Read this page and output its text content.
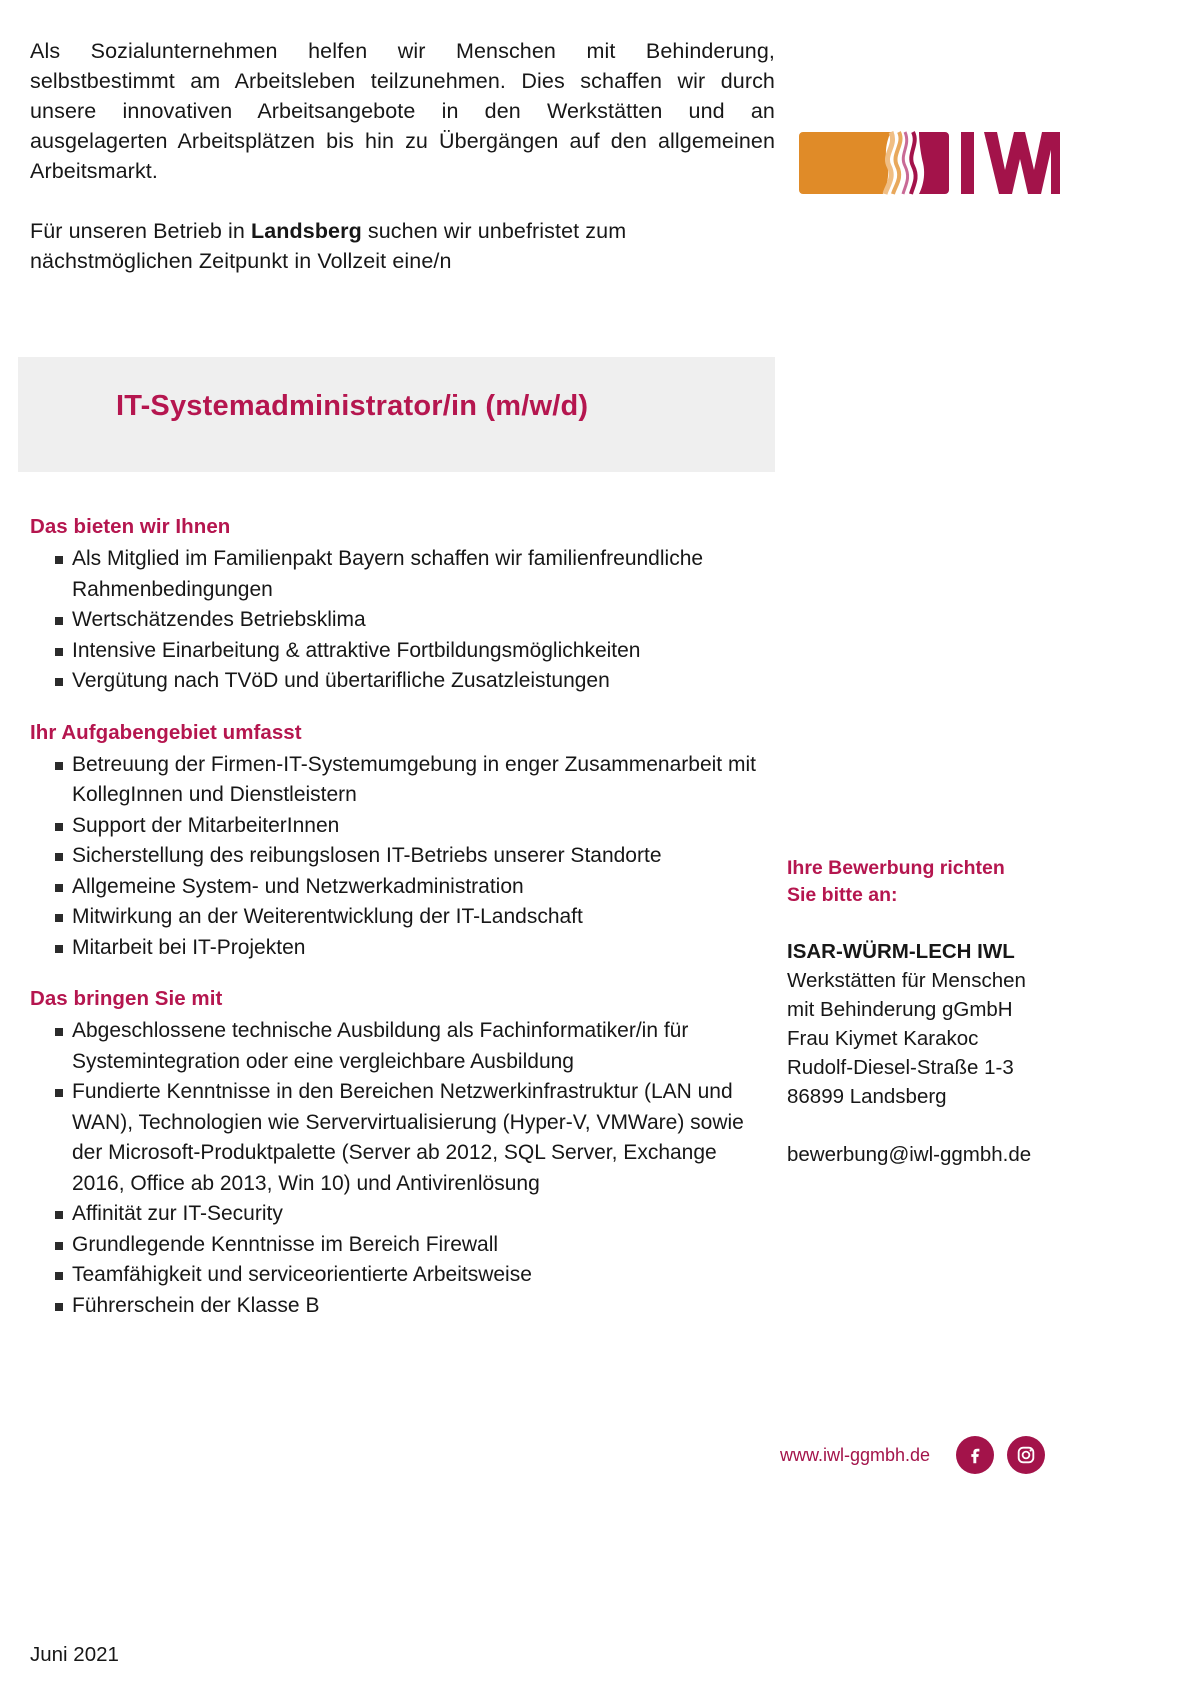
Als Sozialunternehmen helfen wir Menschen mit Behinderung, selbstbestimmt am Arbeitsleben teilzunehmen. Dies schaffen wir durch unsere innovativen Arbeitsangebote in den Werkstätten und an ausgelagerten Arbeitsplätzen bis hin zu Übergängen auf den allgemeinen Arbeitsmarkt.

Für unseren Betrieb in Landsberg suchen wir unbefristet zum nächstmöglichen Zeitpunkt in Vollzeit eine/n

IT-Systemadministrator/in (m/w/d)
Das bieten wir Ihnen
Als Mitglied im Familienpakt Bayern schaffen wir familienfreundliche Rahmenbedingungen
Wertschätzendes Betriebsklima
Intensive Einarbeitung & attraktive Fortbildungsmöglichkeiten
Vergütung nach TVöD und übertarifliche Zusatzleistungen
Ihr Aufgabengebiet umfasst
Betreuung der Firmen-IT-Systemumgebung in enger Zusammenarbeit mit KollegInnen und Dienstleistern
Support der MitarbeiterInnen
Sicherstellung des reibungslosen IT-Betriebs unserer Standorte
Allgemeine System- und Netzwerkadministration
Mitwirkung an der Weiterentwicklung der IT-Landschaft
Mitarbeit bei IT-Projekten
Das bringen Sie mit
Abgeschlossene technische Ausbildung als Fachinformatiker/in für Systemintegration oder eine vergleichbare Ausbildung
Fundierte Kenntnisse in den Bereichen Netzwerkinfrastruktur (LAN und WAN), Technologien wie Servervirtualisierung (Hyper-V, VMWare) sowie der Microsoft-Produktpalette (Server ab 2012, SQL Server, Exchange 2016, Office ab 2013, Win 10) und Antivirenlösung
Affinität zur IT-Security
Grundlegende Kenntnisse im Bereich Firewall
Teamfähigkeit und serviceorientierte Arbeitsweise
Führerschein der Klasse B
Ihre Bewerbung richten
Sie bitte an:
ISAR-WÜRM-LECH IWL
Werkstätten für Menschen
mit Behinderung gGmbH
Frau Kiymet Karakoc
Rudolf-Diesel-Straße 1-3
86899 Landsberg
bewerbung@iwl-ggmbh.de
www.iwl-ggmbh.de
Juni 2021
